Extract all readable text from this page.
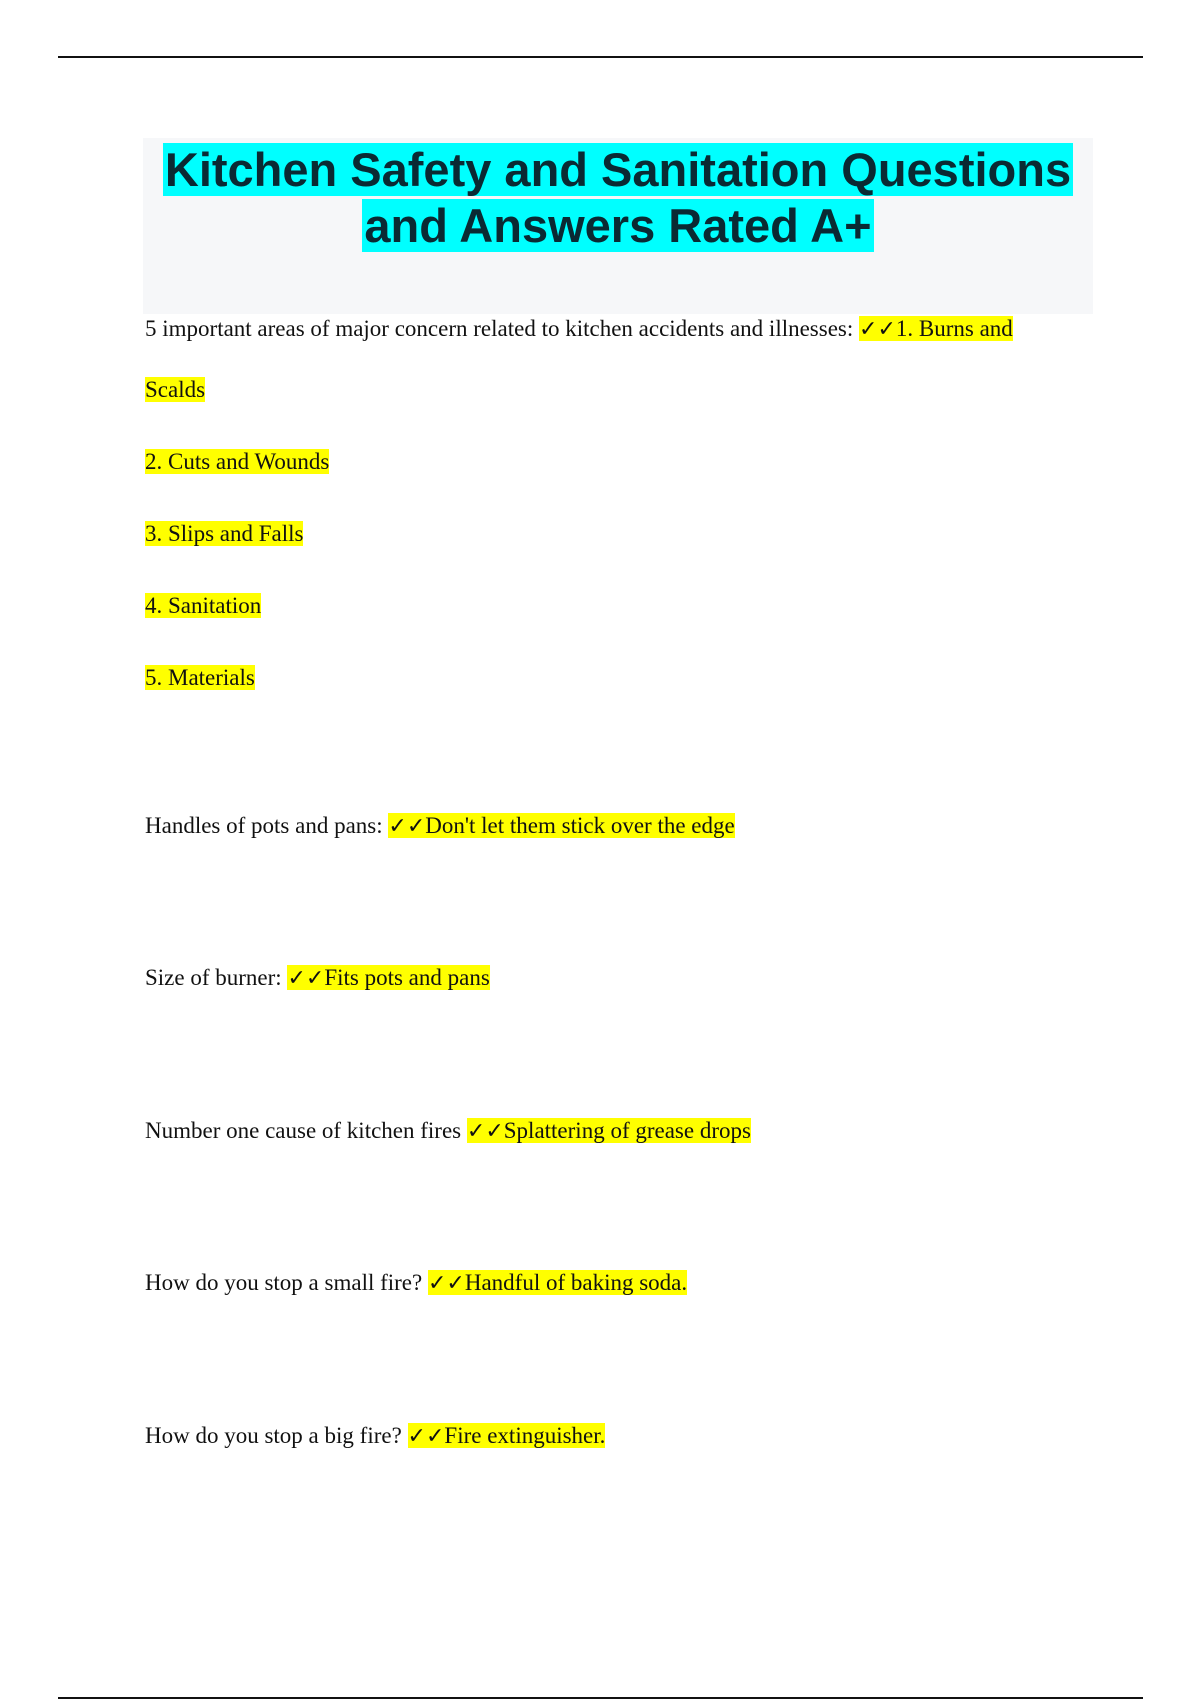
Kitchen Safety and Sanitation Questions
and Answers Rated A+
5 important areas of major concern related to kitchen accidents and illnesses: ✓✓1. Burns and
Scalds
2. Cuts and Wounds
3. Slips and Falls
4. Sanitation
5. Materials
Handles of pots and pans: ✓✓Don't let them stick over the edge
Size of burner: ✓✓Fits pots and pans
Number one cause of kitchen fires ✓✓Splattering of grease drops
How do you stop a small fire? ✓✓Handful of baking soda.
How do you stop a big fire? ✓✓Fire extinguisher.
